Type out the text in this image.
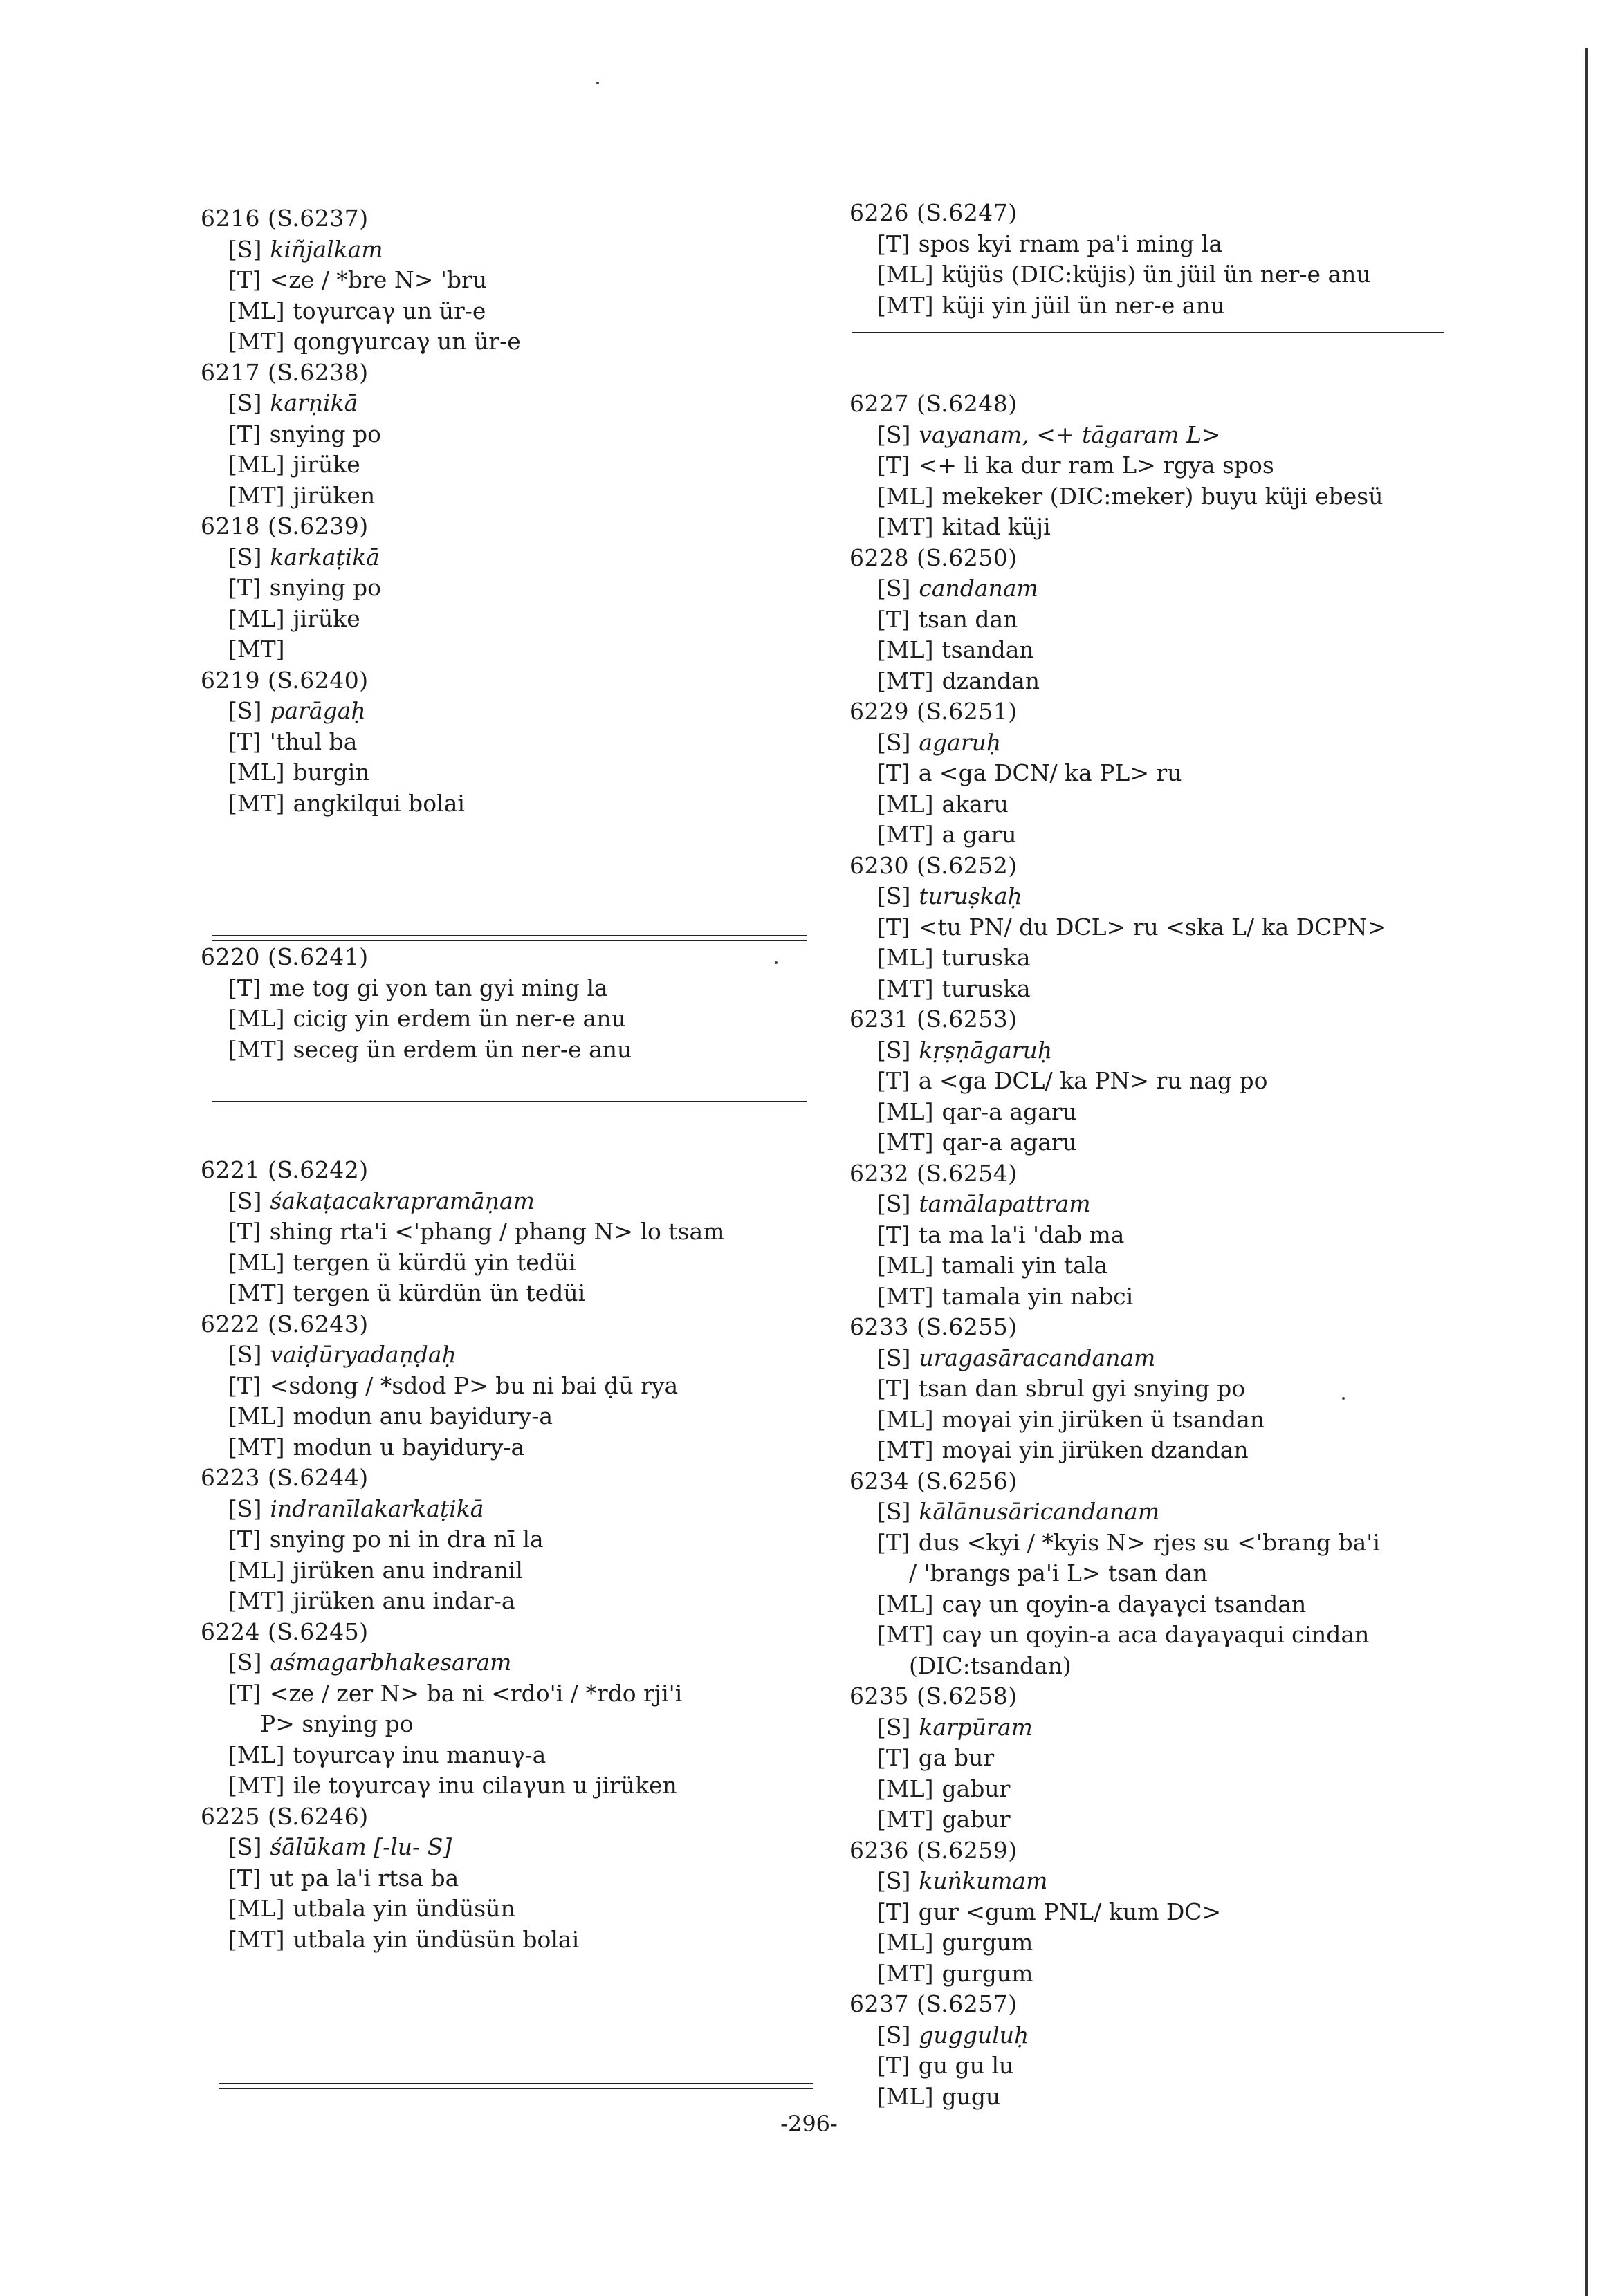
6216 (S.6237)
[S] kiñjalkam
[T] <ze / *bre N> 'bru
[ML] toγurcaγ un ür-e
[MT] qongγurcaγ un ür-e
6217 (S.6238)
[S] karṇikā
[T] snying po
[ML] jirüke
[MT] jirüken
6218 (S.6239)
[S] karkaṭikā
[T] snying po
[ML] jirüke
[MT]
6219 (S.6240)
[S] parāgaḥ
[T] 'thul ba
[ML] burgin
[MT] angkilqui bolai
6220 (S.6241)
[T] me tog gi yon tan gyi ming la
[ML] cicig yin erdem ün ner-e anu
[MT] seceg ün erdem ün ner-e anu
6221 (S.6242)
[S] śakaṭacakrapramāṇam
[T] shing rta'i <'phang / phang N> lo tsam
[ML] tergen ü kürdü yin tedüi
[MT] tergen ü kürdün ün tedüi
6222 (S.6243)
[S] vaiḍūryadaṇḍaḥ
[T] <sdong / *sdod P> bu ni bai ḍū rya
[ML] modun anu bayidury-a
[MT] modun u bayidury-a
6223 (S.6244)
[S] indranīlakarkaṭikā
[T] snying po ni in dra nī la
[ML] jirüken anu indranil
[MT] jirüken anu indar-a
6224 (S.6245)
[S] aśmagarbhakesaram
[T] <ze / zer N> ba ni <rdo'i / *rdo rji'i
P> snying po
[ML] toγurcaγ inu manuγ-a
[MT] ile toγurcaγ inu cilaγun u jirüken
6225 (S.6246)
[S] śālūkam [-lu- S]
[T] ut pa la'i rtsa ba
[ML] utbala yin ündüsün
[MT] utbala yin ündüsün bolai
6226 (S.6247)
[T] spos kyi rnam pa'i ming la
[ML] küjüs (DIC:küjis) ün jüil ün ner-e anu
[MT] küji yin jüil ün ner-e anu
6227 (S.6248)
[S] vayanam, <+ tāgaram L>
[T] <+ li ka dur ram L> rgya spos
[ML] mekeker (DIC:meker) buyu küji ebesü
[MT] kitad küji
6228 (S.6250)
[S] candanam
[T] tsan dan
[ML] tsandan
[MT] dzandan
6229 (S.6251)
[S] agaruḥ
[T] a <ga DCN/ ka PL> ru
[ML] akaru
[MT] a garu
6230 (S.6252)
[S] turuṣkaḥ
[T] <tu PN/ du DCL> ru <ska L/ ka DCPN>
[ML] turuska
[MT] turuska
6231 (S.6253)
[S] kṛṣṇāgaruḥ
[T] a <ga DCL/ ka PN> ru nag po
[ML] qar-a agaru
[MT] qar-a agaru
6232 (S.6254)
[S] tamālapattram
[T] ta ma la'i 'dab ma
[ML] tamali yin tala
[MT] tamala yin nabci
6233 (S.6255)
[S] uragasāracandanam
[T] tsan dan sbrul gyi snying po
[ML] moγai yin jirüken ü tsandan
[MT] moγai yin jirüken dzandan
6234 (S.6256)
[S] kālānusāricandanam
[T] dus <kyi / *kyis N> rjes su <'brang ba'i
/ 'brangs pa'i L> tsan dan
[ML] caγ un qoyin-a daγaγci tsandan
[MT] caγ un qoyin-a aca daγaγaqui cindan
(DIC:tsandan)
6235 (S.6258)
[S] karpūram
[T] ga bur
[ML] gabur
[MT] gabur
6236 (S.6259)
[S] kuṅkumam
[T] gur <gum PNL/ kum DC>
[ML] gurgum
[MT] gurgum
6237 (S.6257)
[S] gugguluḥ
[T] gu gu lu
[ML] gugu
-296-
